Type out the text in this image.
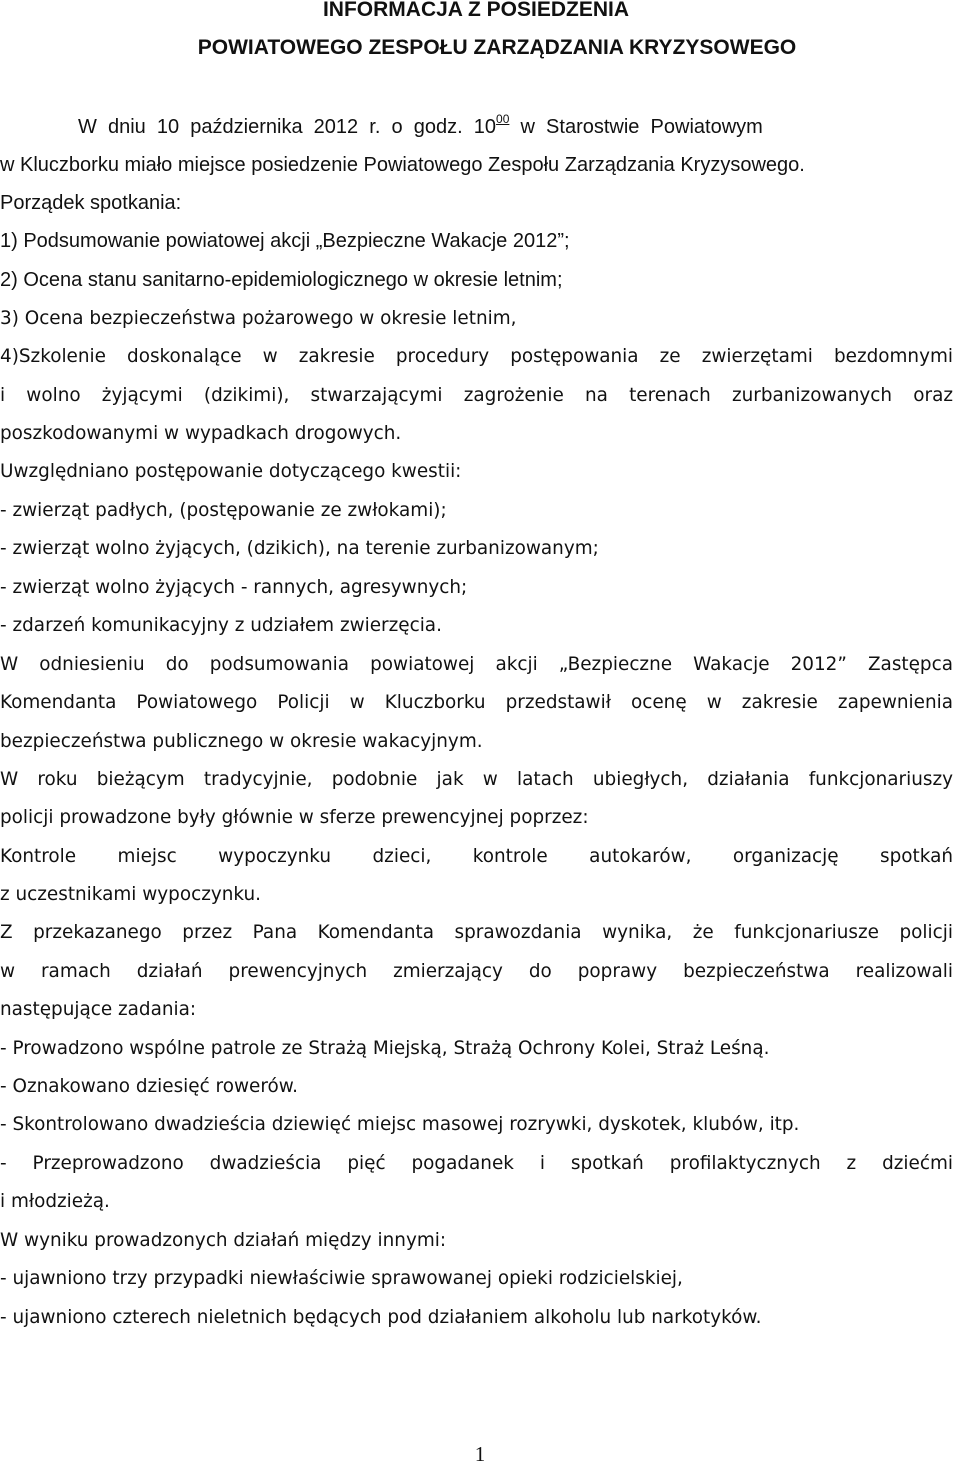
INFORMACJA Z POSIEDZENIA
POWIATOWEGO ZESPOŁU ZARZĄDZANIA KRYZYSOWEGO
W  dniu  10  października  2012  r.  o  godz.  $10^{00}$  w  Starostwie  Powiatowym
w Kluczborku miało miejsce posiedzenie Powiatowego Zespołu Zarządzania Kryzysowego.
Porządek spotkania:
1) Podsumowanie powiatowej akcji „Bezpieczne Wakacje 2012”;
2) Ocena stanu sanitarno-epidemiologicznego w okresie letnim;
3) Ocena bezpieczeństwa pożarowego w okresie letnim,
4)Szkolenie doskonalące w zakresie procedury postępowania ze zwierzętami bezdomnymi
i wolno żyjącymi (dzikimi), stwarzającymi zagrożenie na terenach zurbanizowanych oraz
poszkodowanymi w wypadkach drogowych.
Uwzględniano postępowanie dotyczącego kwestii:
- zwierząt padłych, (postępowanie ze zwłokami);
- zwierząt wolno żyjących, (dzikich), na terenie zurbanizowanym;
- zwierząt wolno żyjących - rannych, agresywnych;
- zdarzeń komunikacyjny z udziałem zwierzęcia.
W odniesieniu do podsumowania powiatowej akcji „Bezpieczne Wakacje 2012” Zastępca
Komendanta Powiatowego Policji w Kluczborku przedstawił ocenę w zakresie zapewnienia
bezpieczeństwa publicznego w okresie wakacyjnym.
W roku bieżącym tradycyjnie, podobnie jak w latach ubiegłych, działania funkcjonariuszy
policji prowadzone były głównie w sferze prewencyjnej poprzez:
Kontrole miejsc wypoczynku dzieci, kontrole autokarów, organizację spotkań
z uczestnikami wypoczynku.
Z przekazanego przez Pana Komendanta sprawozdania wynika, że funkcjonariusze policji
w ramach działań prewencyjnych zmierzający do poprawy bezpieczeństwa realizowali
następujące zadania:
- Prowadzono wspólne patrole ze Strażą Miejską, Strażą Ochrony Kolei, Straż Leśną.
- Oznakowano dziesięć rowerów.
- Skontrolowano dwadzieścia dziewięć miejsc masowej rozrywki, dyskotek, klubów, itp.
- Przeprowadzono dwadzieścia pięć pogadanek i spotkań profilaktycznych z dziećmi
i młodzieżą.
W wyniku prowadzonych działań między innymi:
- ujawniono trzy przypadki niewłaściwie sprawowanej opieki rodzicielskiej,
- ujawniono czterech nieletnich będących pod działaniem alkoholu lub narkotyków.
1
